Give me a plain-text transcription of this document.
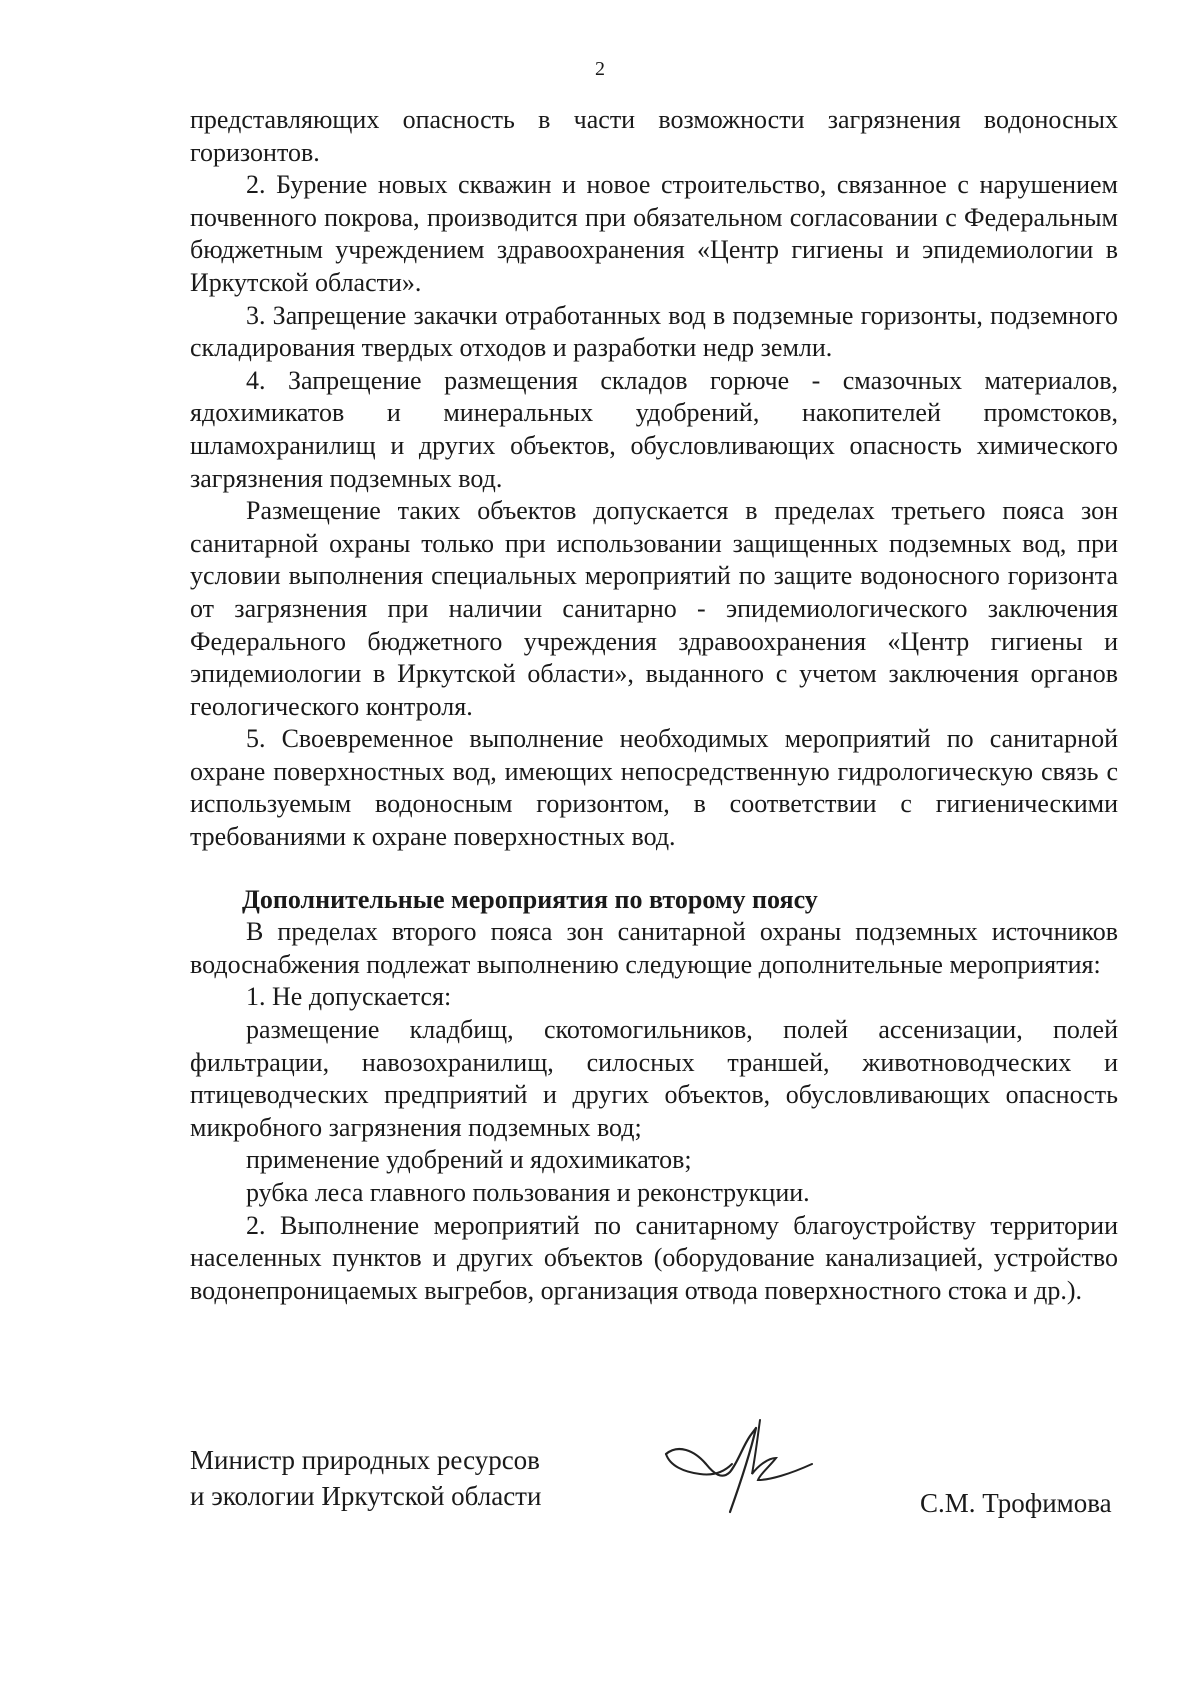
2

представляющих опасность в части возможности загрязнения водоносных горизонтов.

2. Бурение новых скважин и новое строительство, связанное с нарушением почвенного покрова, производится при обязательном согласовании с Федеральным бюджетным учреждением здравоохранения «Центр гигиены и эпидемиологии в Иркутской области».

3. Запрещение закачки отработанных вод в подземные горизонты, подземного складирования твердых отходов и разработки недр земли.

4. Запрещение размещения складов горюче - смазочных материалов, ядохимикатов и минеральных удобрений, накопителей промстоков, шламохранилищ и других объектов, обусловливающих опасность химического загрязнения подземных вод.

Размещение таких объектов допускается в пределах третьего пояса зон санитарной охраны только при использовании защищенных подземных вод, при условии выполнения специальных мероприятий по защите водоносного горизонта от загрязнения при наличии санитарно - эпидемиологического заключения Федерального бюджетного учреждения здравоохранения «Центр гигиены и эпидемиологии в Иркутской области», выданного с учетом заключения органов геологического контроля.

5. Своевременное выполнение необходимых мероприятий по санитарной охране поверхностных вод, имеющих непосредственную гидрологическую связь с используемым водоносным горизонтом, в соответствии с гигиеническими требованиями к охране поверхностных вод.

Дополнительные мероприятия по второму поясу

В пределах второго пояса зон санитарной охраны подземных источников водоснабжения подлежат выполнению следующие дополнительные мероприятия:

1. Не допускается:

размещение кладбищ, скотомогильников, полей ассенизации, полей фильтрации, навозохранилищ, силосных траншей, животноводческих и птицеводческих предприятий и других объектов, обусловливающих опасность микробного загрязнения подземных вод;

применение удобрений и ядохимикатов;

рубка леса главного пользования и реконструкции.

2. Выполнение мероприятий по санитарному благоустройству территории населенных пунктов и других объектов (оборудование канализацией, устройство водонепроницаемых выгребов, организация отвода поверхностного стока и др.).

Министр природных ресурсов
и экологии Иркутской области	С.М. Трофимова
